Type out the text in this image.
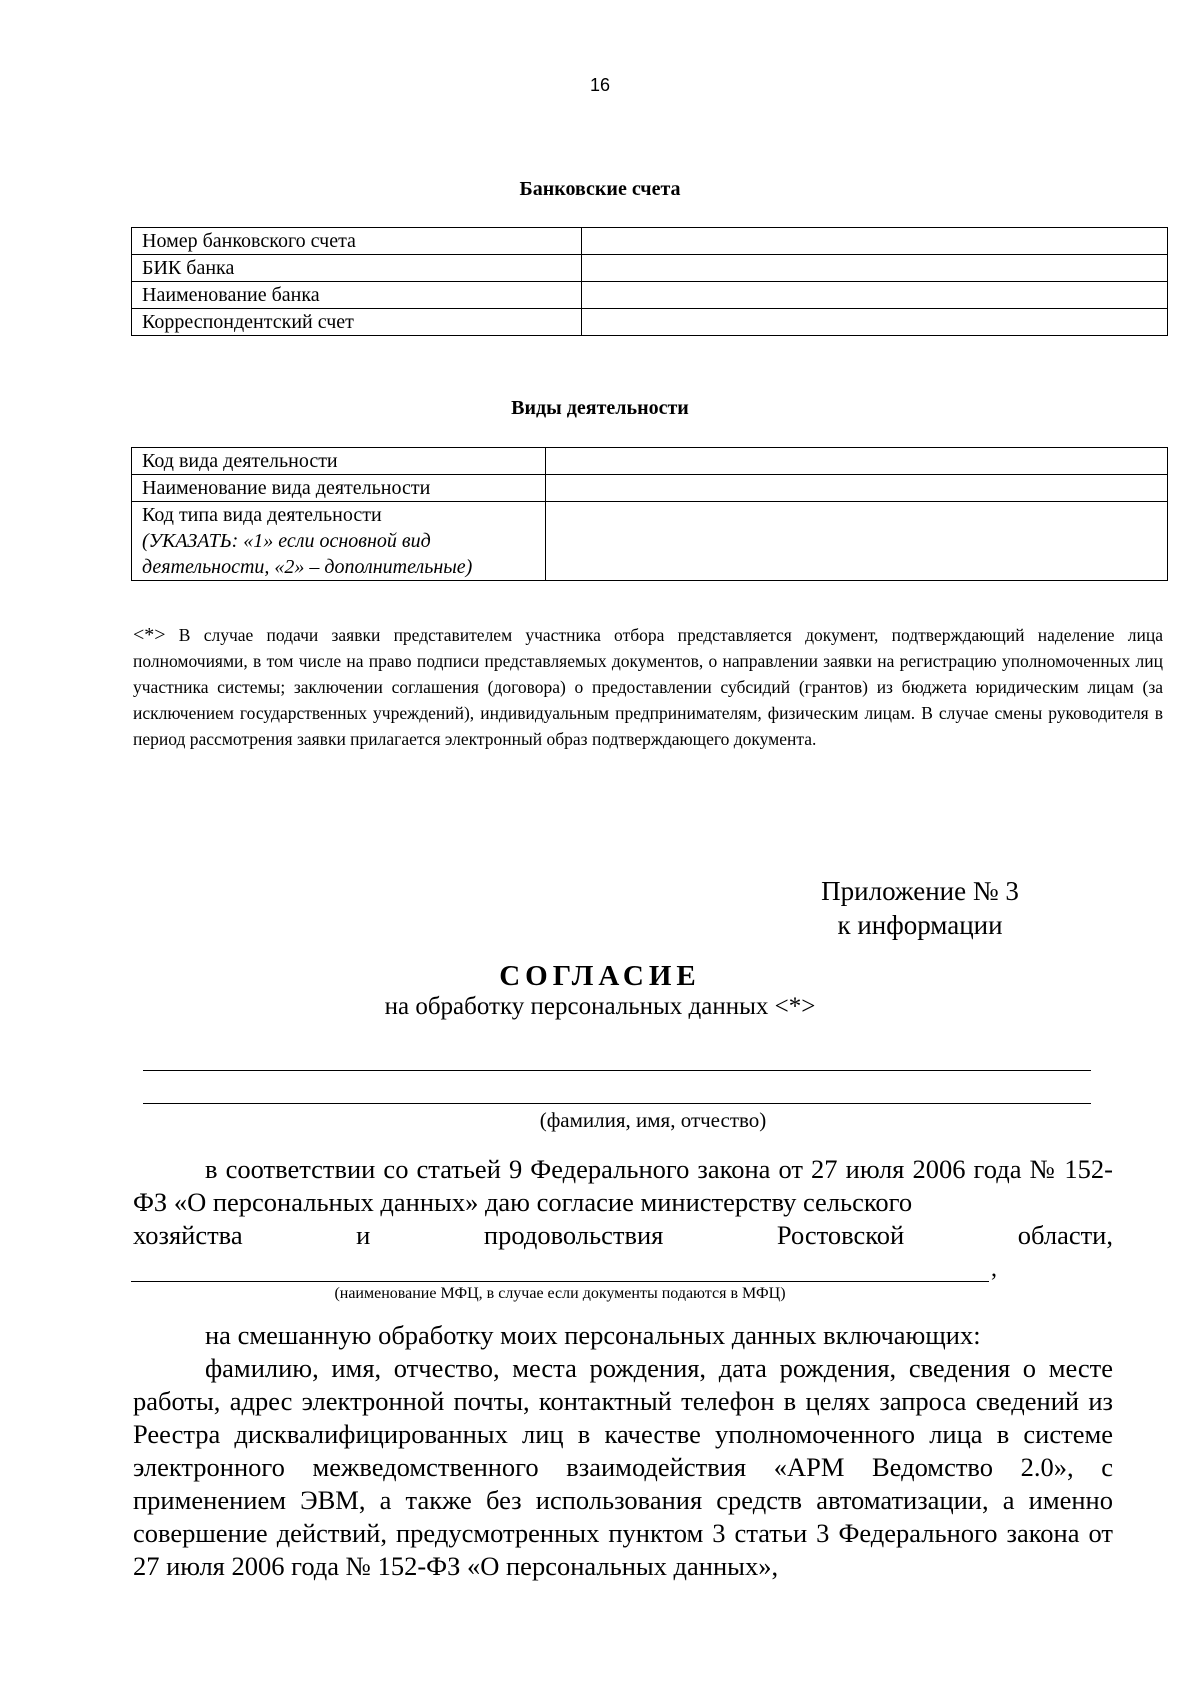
16
Банковские счета
Номер банковского счета	
БИК банка	
Наименование банка	
Корреспондентский счет	
Виды деятельности
Код вида деятельности	
Наименование вида деятельности	

Код типа вида деятельности
(УКАЗАТЬ: «1» если основной вид деятельности, «2» – дополнительные)	

<*> В случае подачи заявки представителем участника отбора представляется документ, подтверждающий наделение лица полномочиями, в том числе на право подписи представляемых документов, о направлении заявки на регистрацию уполномоченных лиц участника системы; заключении соглашения (договора) о предоставлении субсидий (грантов) из бюджета юридическим лицам (за исключением государственных учреждений), индивидуальным предпринимателям, физическим лицам. В случае смены руководителя в период рассмотрения заявки прилагается электронный образ подтверждающего документа.
Приложение № 3
к информации
СОГЛАСИЕ
на обработку персональных данных <*>
(фамилия, имя, отчество)
в соответствии со статьей 9 Федерального закона от 27 июля 2006 года № 152-ФЗ «О персональных данных» даю согласие министерству сельского
хозяйства	и	продовольствия	Ростовской	области,
,
(наименование МФЦ, в случае если документы подаются в МФЦ)
на смешанную обработку моих персональных данных включающих:
фамилию, имя, отчество, места рождения, дата рождения, сведения о месте работы, адрес электронной почты, контактный телефон в целях запроса сведений из Реестра дисквалифицированных лиц в качестве уполномоченного лица в системе электронного межведомственного взаимодействия «АРМ Ведомство 2.0», с применением ЭВМ, а также без использования средств автоматизации, а именно совершение действий, предусмотренных пунктом 3 статьи 3 Федерального закона от 27 июля 2006 года № 152-ФЗ «О персональных данных»,
